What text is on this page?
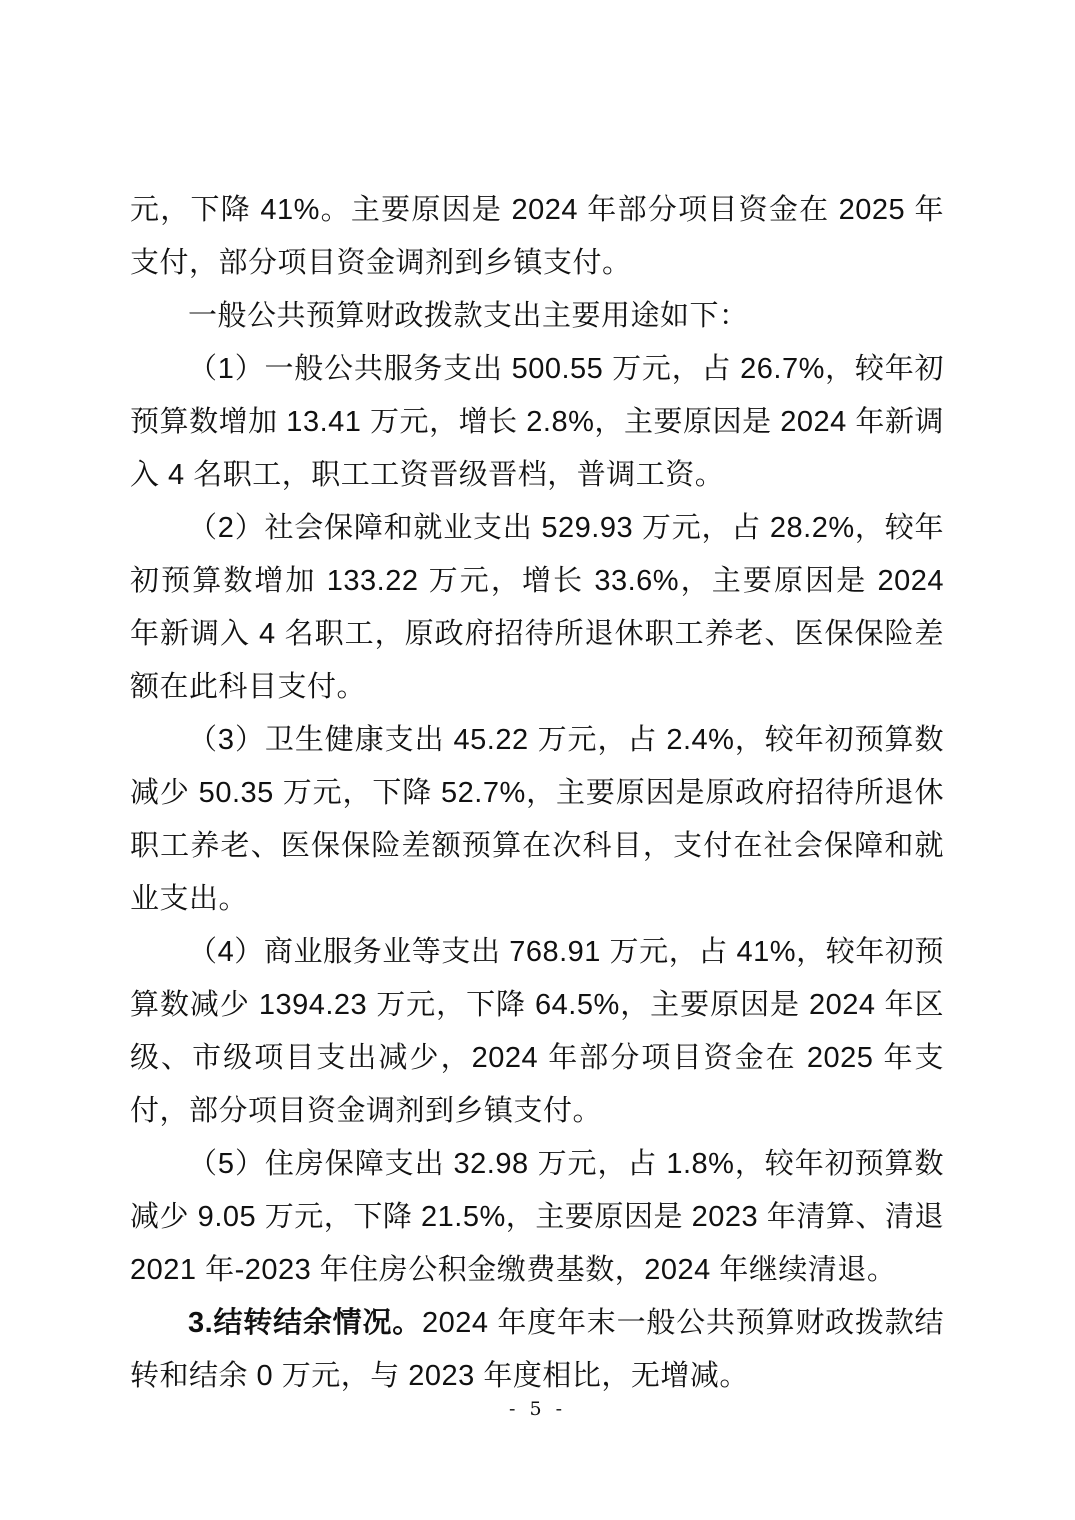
元，下降 41%。主要原因是 2024 年部分项目资金在 2025 年支付，部分项目资金调剂到乡镇支付。

一般公共预算财政拨款支出主要用途如下：

（1）一般公共服务支出 500.55 万元，占 26.7%，较年初预算数增加 13.41 万元，增长 2.8%，主要原因是 2024 年新调入 4 名职工，职工工资晋级晋档，普调工资。

（2）社会保障和就业支出 529.93 万元，占 28.2%，较年初预算数增加 133.22 万元，增长 33.6%，主要原因是 2024 年新调入 4 名职工，原政府招待所退休职工养老、医保保险差额在此科目支付。

（3）卫生健康支出 45.22 万元，占 2.4%，较年初预算数减少 50.35 万元，下降 52.7%，主要原因是原政府招待所退休职工养老、医保保险差额预算在次科目，支付在社会保障和就业支出。

（4）商业服务业等支出 768.91 万元，占 41%，较年初预算数减少 1394.23 万元，下降 64.5%，主要原因是 2024 年区级、市级项目支出减少，2024 年部分项目资金在 2025 年支付，部分项目资金调剂到乡镇支付。

（5）住房保障支出 32.98 万元，占 1.8%，较年初预算数减少 9.05 万元，下降 21.5%，主要原因是 2023 年清算、清退 2021 年-2023 年住房公积金缴费基数，2024 年继续清退。

3.结转结余情况。2024 年度年末一般公共预算财政拨款结转和结余 0 万元，与 2023 年度相比，无增减。

- 5 -
